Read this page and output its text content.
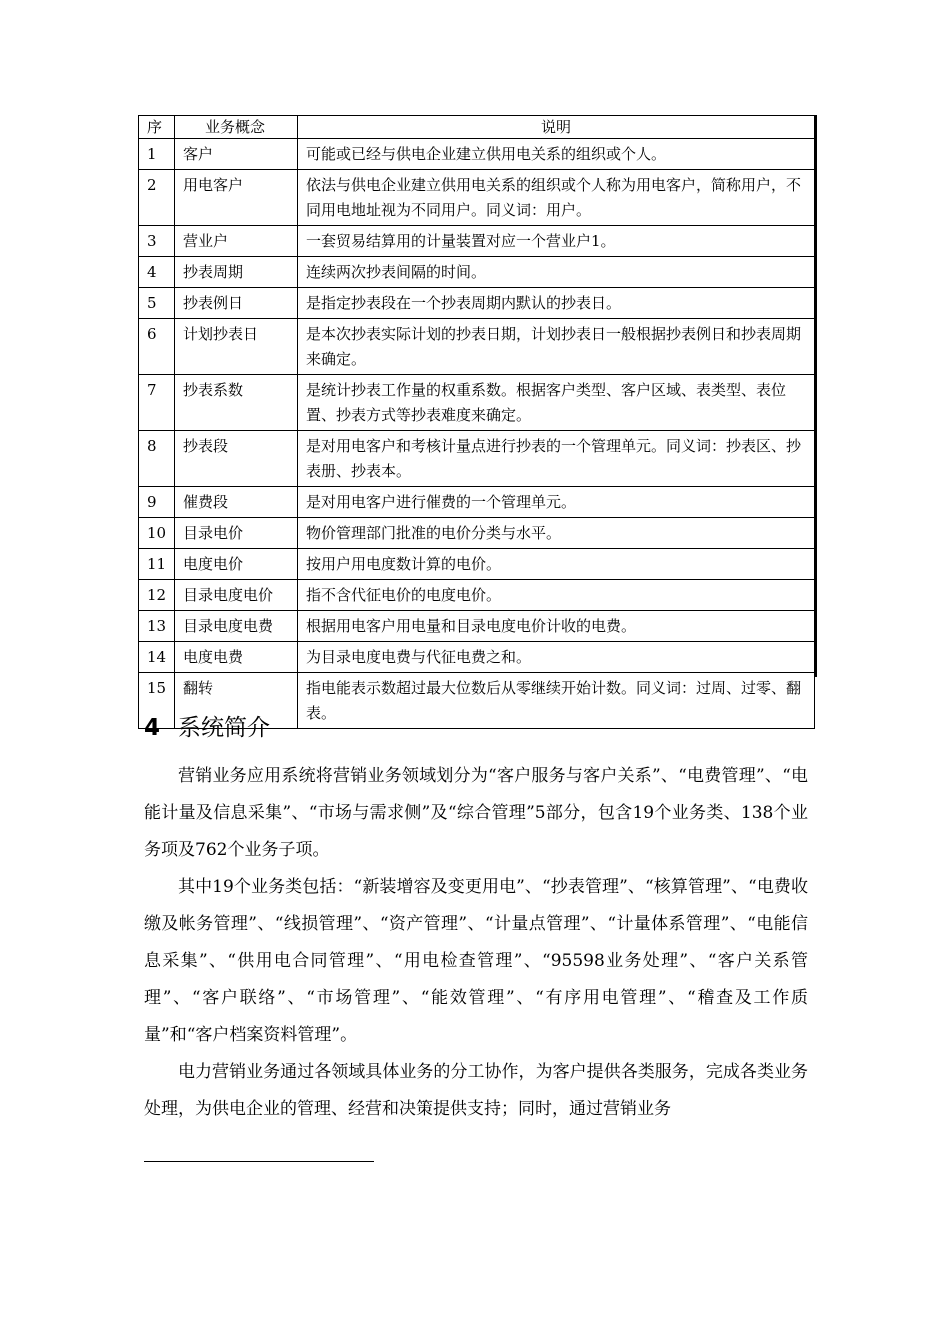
序	业务概念	说明
1	客户	可能或已经与供电企业建立供用电关系的组织或个人。
2	用电客户	依法与供电企业建立供用电关系的组织或个人称为用电客户，简称用户，不同用电地址视为不同用户。同义词：用户。
3	营业户	一套贸易结算用的计量装置对应一个营业户1。
4	抄表周期	连续两次抄表间隔的时间。
5	抄表例日	是指定抄表段在一个抄表周期内默认的抄表日。
6	计划抄表日	是本次抄表实际计划的抄表日期，计划抄表日一般根据抄表例日和抄表周期来确定。
7	抄表系数	是统计抄表工作量的权重系数。根据客户类型、客户区域、表类型、表位置、抄表方式等抄表难度来确定。
8	抄表段	是对用电客户和考核计量点进行抄表的一个管理单元。同义词：抄表区、抄表册、抄表本。
9	催费段	是对用电客户进行催费的一个管理单元。
10	目录电价	物价管理部门批准的电价分类与水平。
11	电度电价	按用户用电度数计算的电价。
12	目录电度电价	指不含代征电价的电度电价。
13	目录电度电费	根据用电客户用电量和目录电度电价计收的电费。
14	电度电费	为目录电度电费与代征电费之和。
15	翻转	指电能表示数超过最大位数后从零继续开始计数。同义词：过周、过零、翻表。
4 系统简介

营销业务应用系统将营销业务领域划分为“客户服务与客户关系”、“电费管理”、“电能计量及信息采集”、“市场与需求侧”及“综合管理”5部分，包含19个业务类、138个业务项及762个业务子项。

其中19个业务类包括：“新装增容及变更用电”、“抄表管理”、“核算管理”、“电费收缴及帐务管理”、“线损管理”、“资产管理”、“计量点管理”、“计量体系管理”、“电能信息采集”、“供用电合同管理”、“用电检查管理”、“95598业务处理”、“客户关系管理”、“客户联络”、“市场管理”、“能效管理”、“有序用电管理”、“稽查及工作质量”和“客户档案资料管理”。

电力营销业务通过各领域具体业务的分工协作，为客户提供各类服务，完成各类业务处理，为供电企业的管理、经营和决策提供支持；同时，通过营销业务
